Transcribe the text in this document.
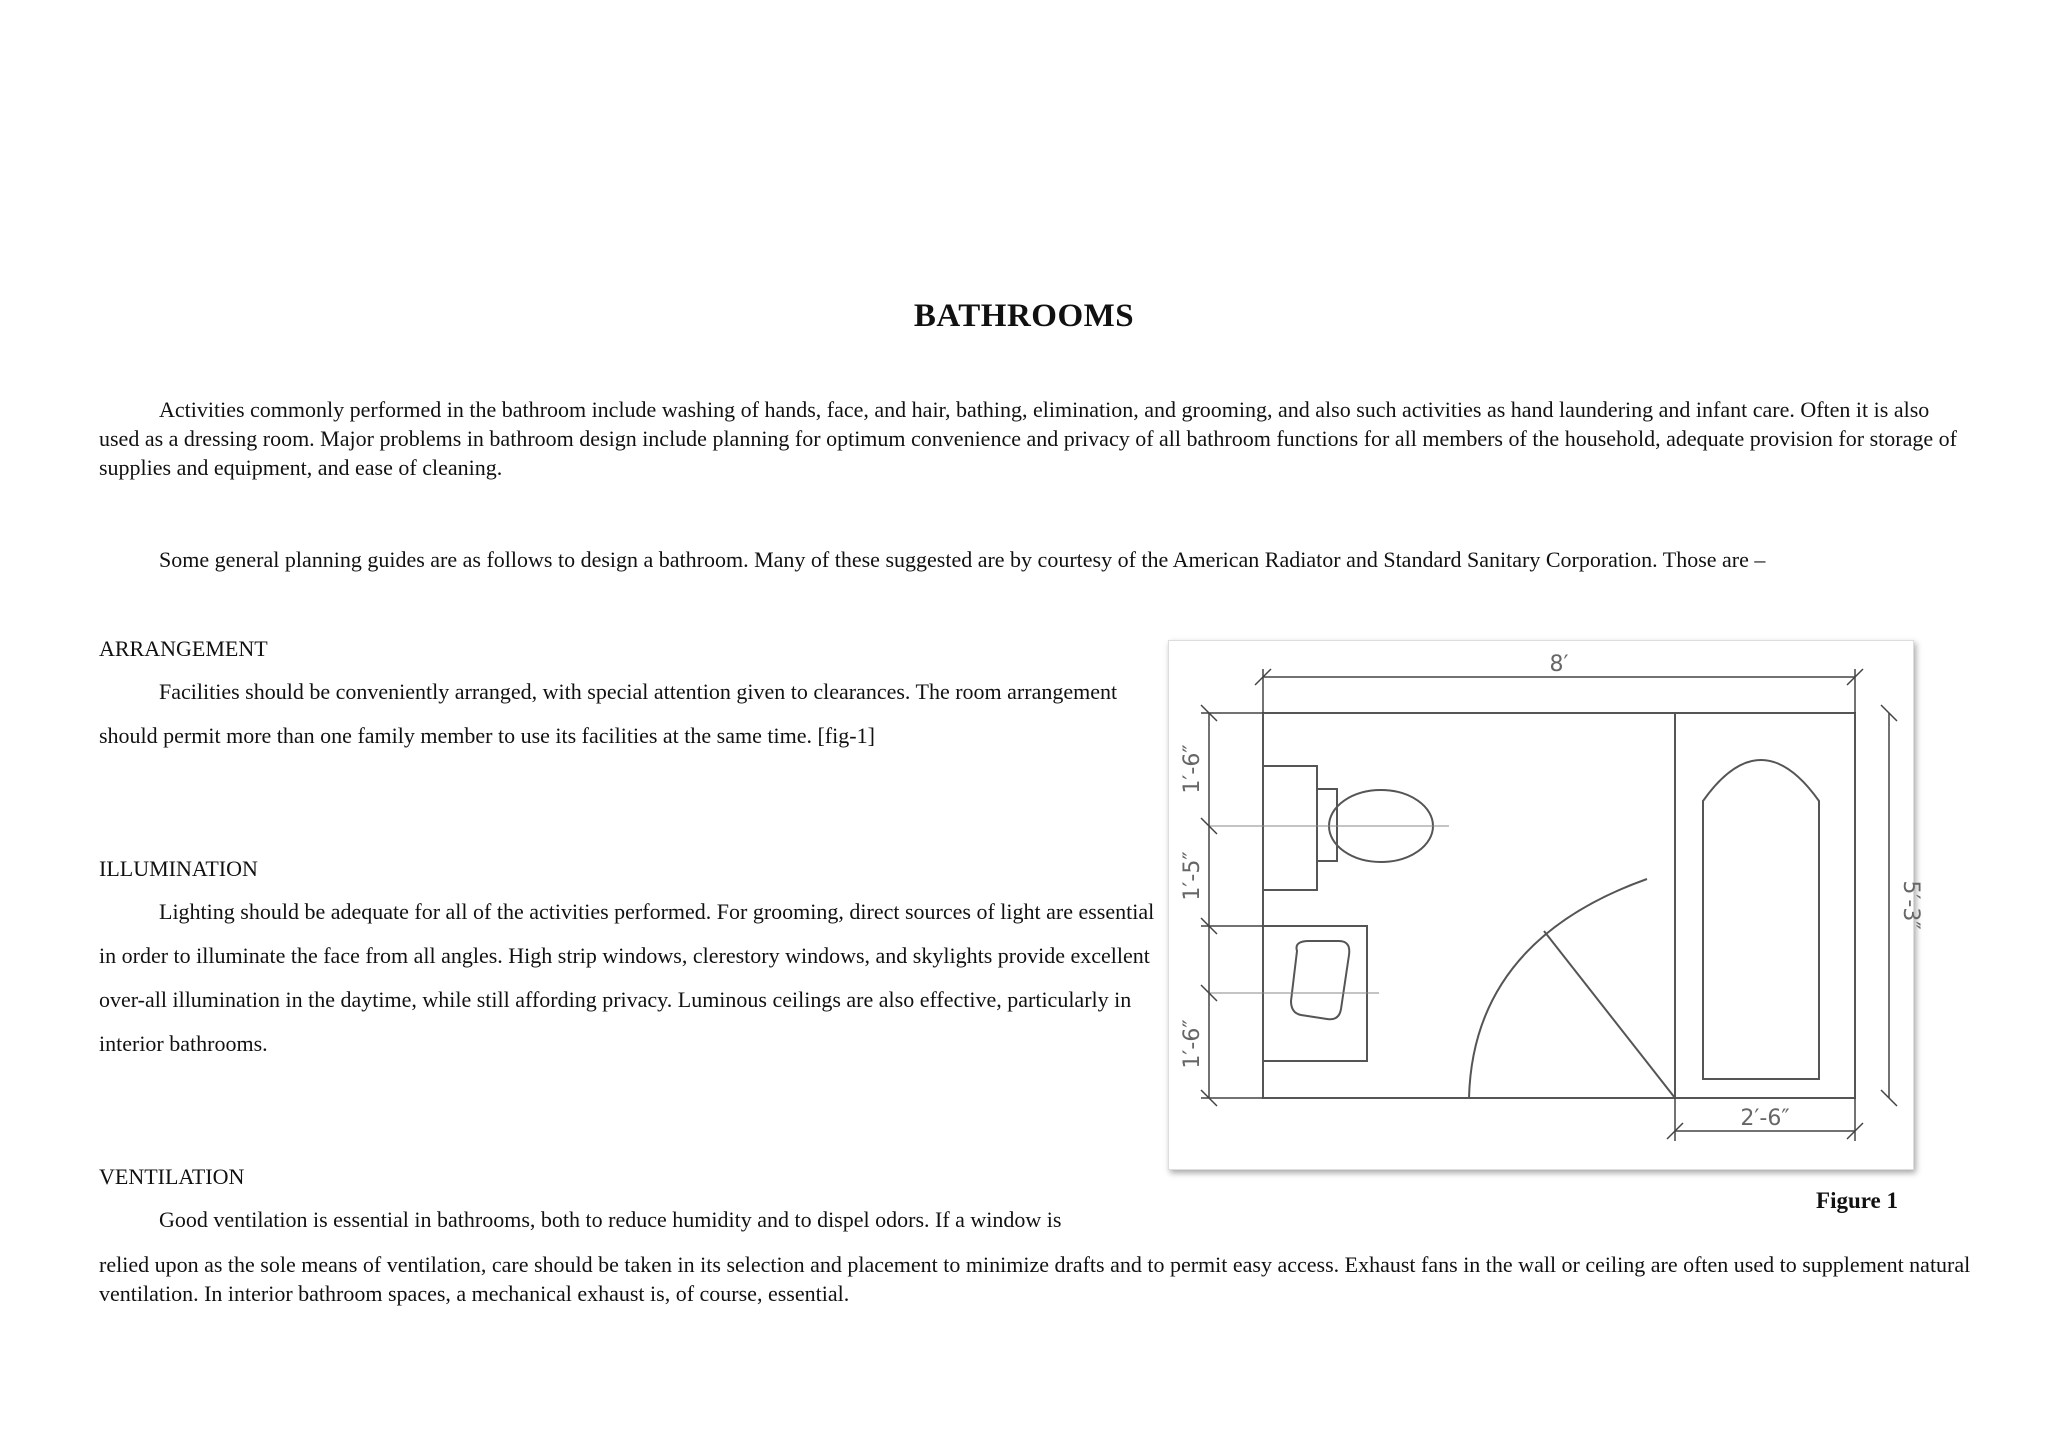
BATHROOMS
Activities commonly performed in the bathroom include washing of hands, face, and hair, bathing, elimination, and grooming, and also such activities as hand laundering and infant care. Often it is also used as a dressing room. Major problems in bathroom design include planning for optimum convenience and privacy of all bathroom functions for all members of the household, adequate provision for storage of supplies and equipment, and ease of cleaning.
Some general planning guides are as follows to design a bathroom. Many of these suggested are by courtesy of the American Radiator and Standard Sanitary Corporation. Those are –
ARRANGEMENT
Facilities should be conveniently arranged, with special attention given to clearances. The room arrangement should permit more than one family member to use its facilities at the same time. [fig-1]
ILLUMINATION
Lighting should be adequate for all of the activities performed. For grooming, direct sources of light are essential in order to illuminate the face from all angles. High strip windows, clerestory windows, and skylights provide excellent over-all illumination in the daytime, while still affording privacy. Luminous ceilings are also effective, particularly in interior bathrooms.
VENTILATION
Good ventilation is essential in bathrooms, both to reduce humidity and to dispel odors. If a window is
relied upon as the sole means of ventilation, care should be taken in its selection and placement to minimize drafts and to permit easy access. Exhaust fans in the wall or ceiling are often used to supplement natural ventilation. In interior bathroom spaces, a mechanical exhaust is, of course, essential.
8′
5′-3″
1′-6″
1′-5″
1′-6″
2′-6″
Figure 1
